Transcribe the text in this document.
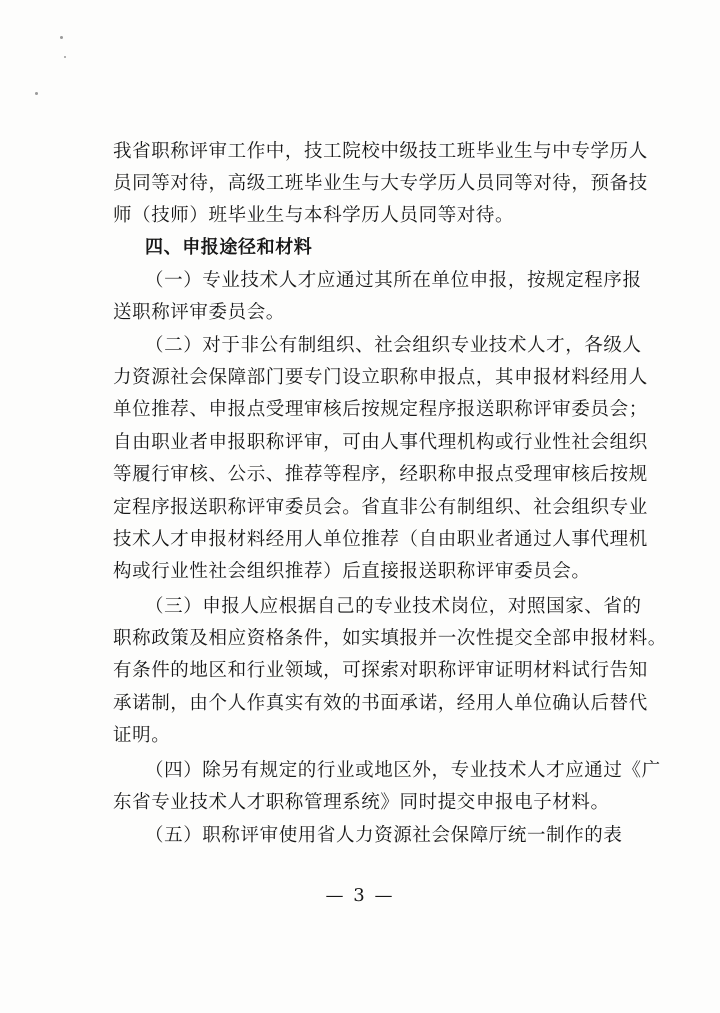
我省职称评审工作中，技工院校中级技工班毕业生与中专学历人
员同等对待，高级工班毕业生与大专学历人员同等对待，预备技
师（技师）班毕业生与本科学历人员同等对待。
四、申报途径和材料
（一）专业技术人才应通过其所在单位申报，按规定程序报
送职称评审委员会。
（二）对于非公有制组织、社会组织专业技术人才，各级人
力资源社会保障部门要专门设立职称申报点，其申报材料经用人
单位推荐、申报点受理审核后按规定程序报送职称评审委员会；
自由职业者申报职称评审，可由人事代理机构或行业性社会组织
等履行审核、公示、推荐等程序，经职称申报点受理审核后按规
定程序报送职称评审委员会。省直非公有制组织、社会组织专业
技术人才申报材料经用人单位推荐（自由职业者通过人事代理机
构或行业性社会组织推荐）后直接报送职称评审委员会。
（三）申报人应根据自己的专业技术岗位，对照国家、省的
职称政策及相应资格条件，如实填报并一次性提交全部申报材料。
有条件的地区和行业领域，可探索对职称评审证明材料试行告知
承诺制，由个人作真实有效的书面承诺，经用人单位确认后替代
证明。
（四）除另有规定的行业或地区外，专业技术人才应通过《广
东省专业技术人才职称管理系统》同时提交申报电子材料。
（五）职称评审使用省人力资源社会保障厅统一制作的表
— 3 —
